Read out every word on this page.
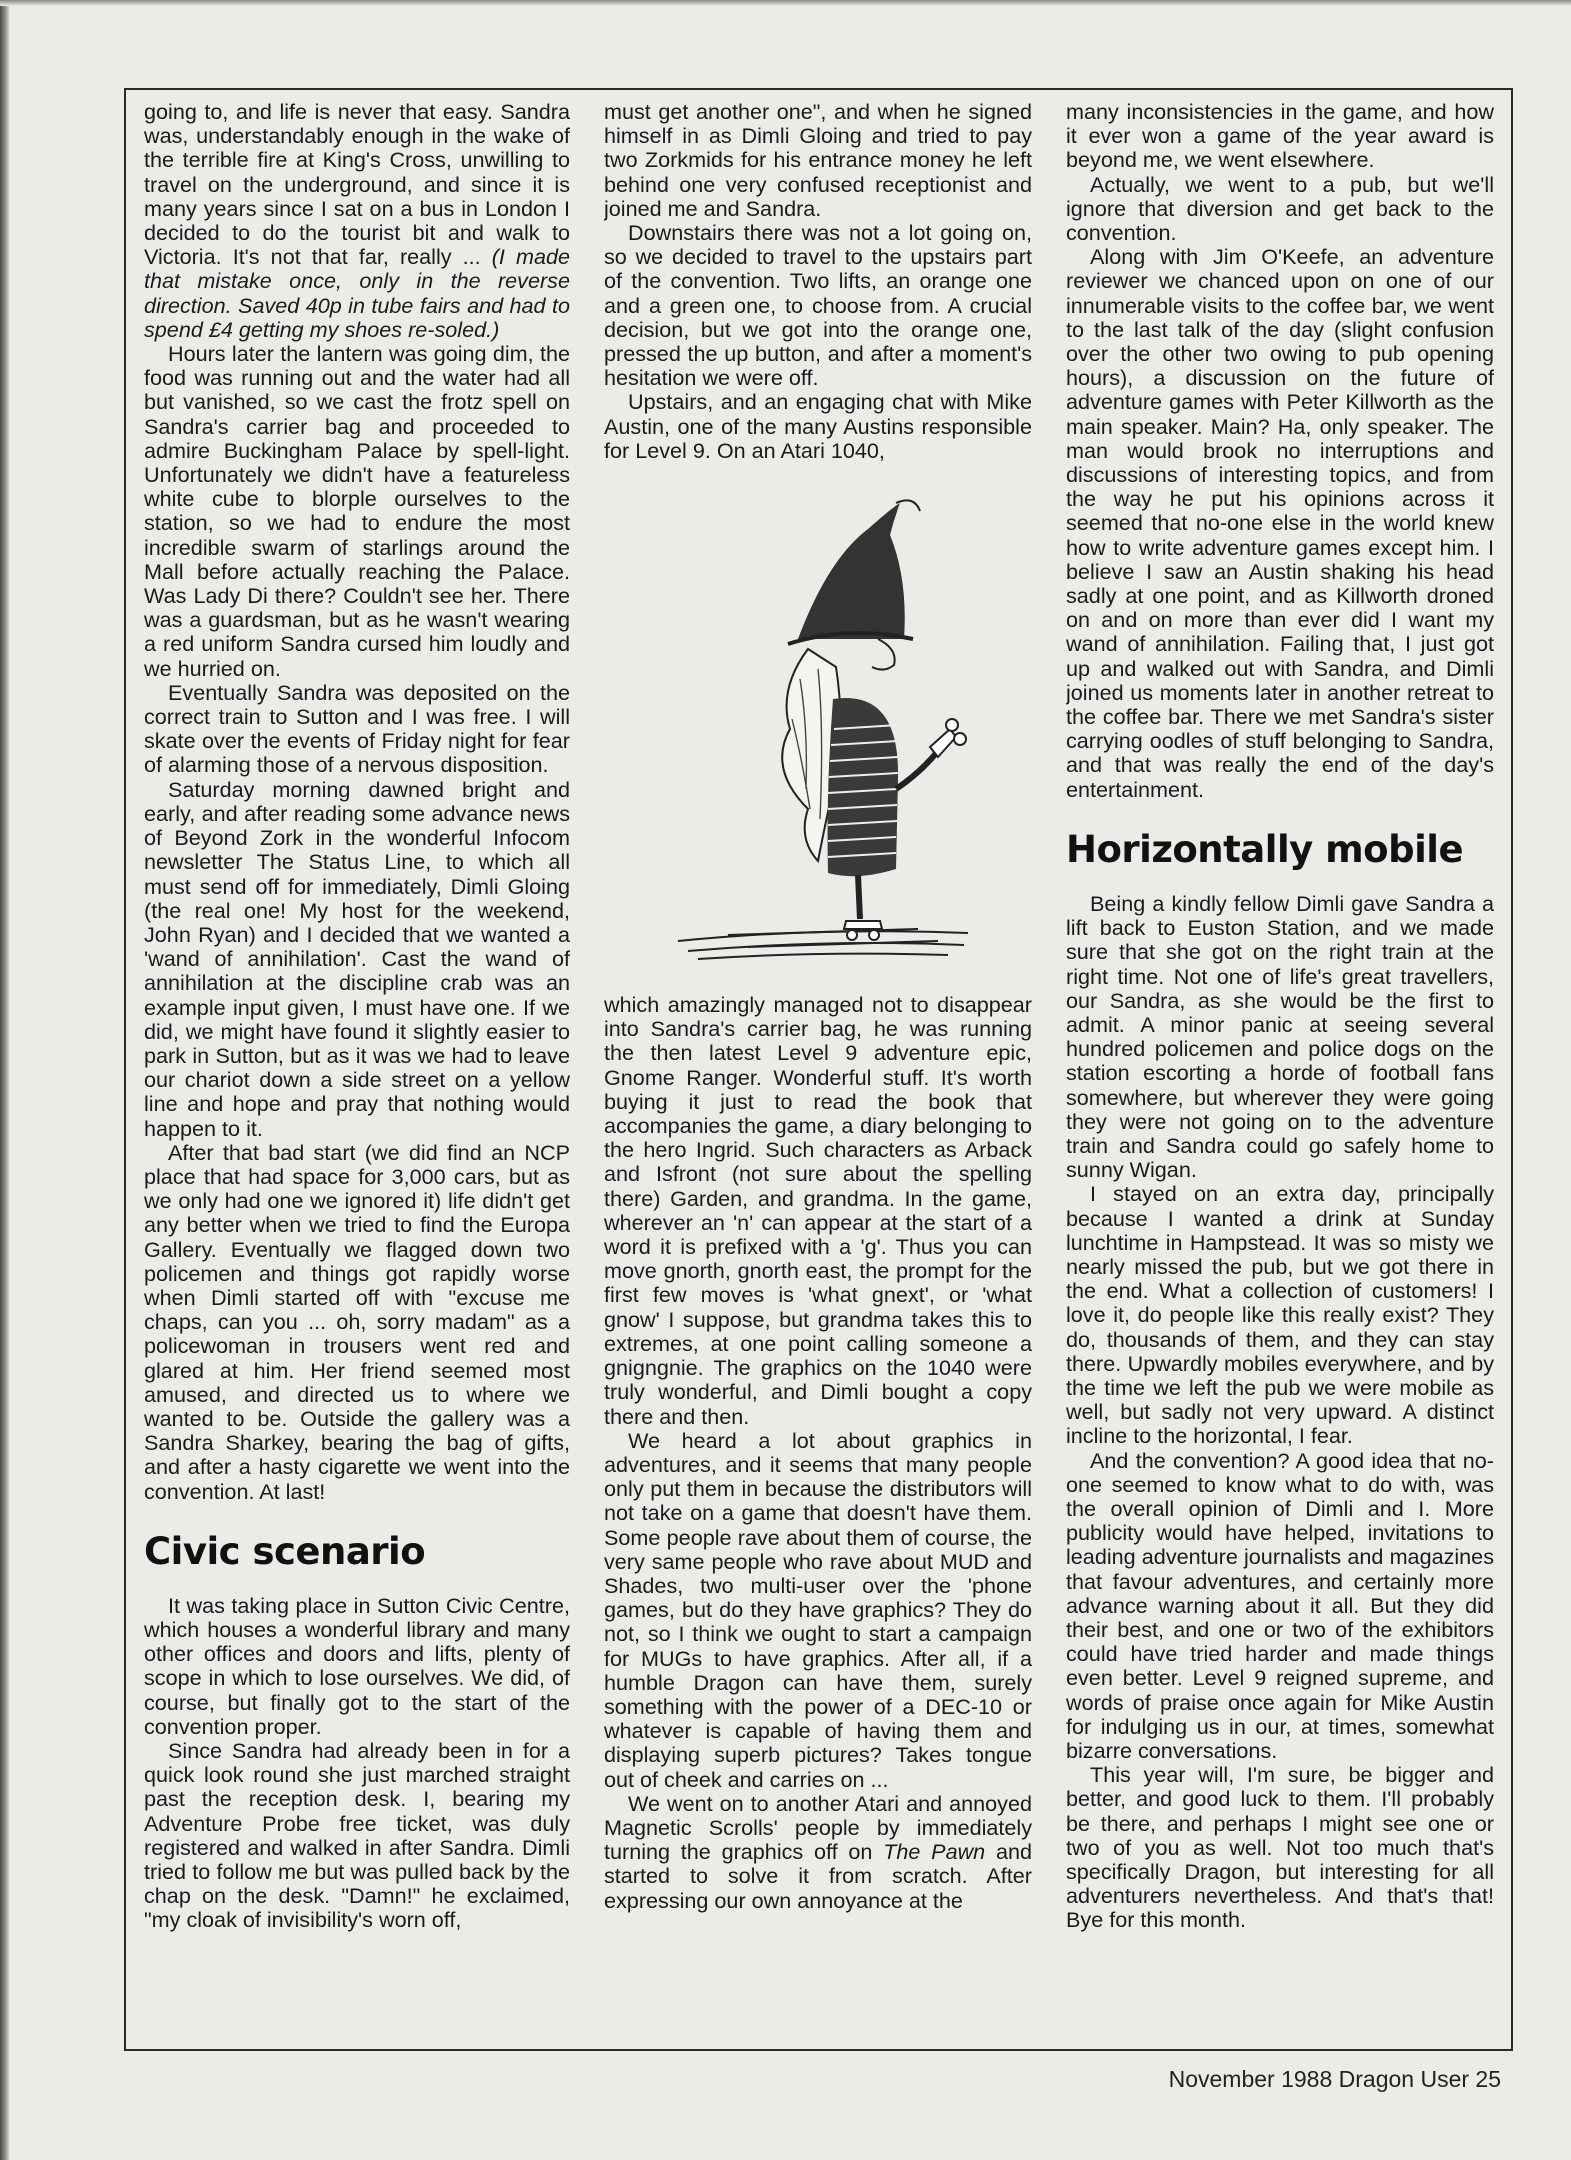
going to, and life is never that easy. Sandra was, understandably enough in the wake of the terrible fire at King's Cross, unwilling to travel on the underground, and since it is many years since I sat on a bus in London I decided to do the tourist bit and walk to Victoria. It's not that far, really ... (I made that mistake once, only in the reverse direction. Saved 40p in tube fairs and had to spend £4 getting my shoes re-soled.)

Hours later the lantern was going dim, the food was running out and the water had all but vanished, so we cast the frotz spell on Sandra's carrier bag and proceeded to admire Buckingham Palace by spell-light. Unfortunately we didn't have a featureless white cube to blorple ourselves to the station, so we had to endure the most incredible swarm of starlings around the Mall before actually reaching the Palace. Was Lady Di there? Couldn't see her. There was a guardsman, but as he wasn't wearing a red uniform Sandra cursed him loudly and we hurried on.

Eventually Sandra was deposited on the correct train to Sutton and I was free. I will skate over the events of Friday night for fear of alarming those of a nervous disposition.

Saturday morning dawned bright and early, and after reading some advance news of Beyond Zork in the wonderful Infocom newsletter The Status Line, to which all must send off for immediately, Dimli Gloing (the real one! My host for the weekend, John Ryan) and I decided that we wanted a 'wand of annihilation'. Cast the wand of annihilation at the discipline crab was an example input given, I must have one. If we did, we might have found it slightly easier to park in Sutton, but as it was we had to leave our chariot down a side street on a yellow line and hope and pray that nothing would happen to it.

After that bad start (we did find an NCP place that had space for 3,000 cars, but as we only had one we ignored it) life didn't get any better when we tried to find the Europa Gallery. Eventually we flagged down two policemen and things got rapidly worse when Dimli started off with "excuse me chaps, can you ... oh, sorry madam" as a policewoman in trousers went red and glared at him. Her friend seemed most amused, and directed us to where we wanted to be. Outside the gallery was a Sandra Sharkey, bearing the bag of gifts, and after a hasty cigarette we went into the convention. At last!

Civic scenario

It was taking place in Sutton Civic Centre, which houses a wonderful library and many other offices and doors and lifts, plenty of scope in which to lose ourselves. We did, of course, but finally got to the start of the convention proper.

Since Sandra had already been in for a quick look round she just marched straight past the reception desk. I, bearing my Adventure Probe free ticket, was duly registered and walked in after Sandra. Dimli tried to follow me but was pulled back by the chap on the desk. "Damn!" he exclaimed, "my cloak of invisibility's worn off,

must get another one", and when he signed himself in as Dimli Gloing and tried to pay two Zorkmids for his entrance money he left behind one very confused receptionist and joined me and Sandra.

Downstairs there was not a lot going on, so we decided to travel to the upstairs part of the convention. Two lifts, an orange one and a green one, to choose from. A crucial decision, but we got into the orange one, pressed the up button, and after a moment's hesitation we were off.

Upstairs, and an engaging chat with Mike Austin, one of the many Austins responsible for Level 9. On an Atari 1040,

which amazingly managed not to disappear into Sandra's carrier bag, he was running the then latest Level 9 adventure epic, Gnome Ranger. Wonderful stuff. It's worth buying it just to read the book that accompanies the game, a diary belonging to the hero Ingrid. Such characters as Arback and Isfront (not sure about the spelling there) Garden, and grandma. In the game, wherever an 'n' can appear at the start of a word it is prefixed with a 'g'. Thus you can move gnorth, gnorth east, the prompt for the first few moves is 'what gnext', or 'what gnow' I suppose, but grandma takes this to extremes, at one point calling someone a gnigngnie. The graphics on the 1040 were truly wonderful, and Dimli bought a copy there and then.

We heard a lot about graphics in adventures, and it seems that many people only put them in because the distributors will not take on a game that doesn't have them. Some people rave about them of course, the very same people who rave about MUD and Shades, two multi-user over the 'phone games, but do they have graphics? They do not, so I think we ought to start a campaign for MUGs to have graphics. After all, if a humble Dragon can have them, surely something with the power of a DEC-10 or whatever is capable of having them and displaying superb pictures? Takes tongue out of cheek and carries on ...

We went on to another Atari and annoyed Magnetic Scrolls' people by immediately turning the graphics off on The Pawn and started to solve it from scratch. After expressing our own annoyance at the

many inconsistencies in the game, and how it ever won a game of the year award is beyond me, we went elsewhere.

Actually, we went to a pub, but we'll ignore that diversion and get back to the convention.

Along with Jim O'Keefe, an adventure reviewer we chanced upon on one of our innumerable visits to the coffee bar, we went to the last talk of the day (slight confusion over the other two owing to pub opening hours), a discussion on the future of adventure games with Peter Killworth as the main speaker. Main? Ha, only speaker. The man would brook no interruptions and discussions of interesting topics, and from the way he put his opinions across it seemed that no-one else in the world knew how to write adventure games except him. I believe I saw an Austin shaking his head sadly at one point, and as Killworth droned on and on more than ever did I want my wand of annihilation. Failing that, I just got up and walked out with Sandra, and Dimli joined us moments later in another retreat to the coffee bar. There we met Sandra's sister carrying oodles of stuff belonging to Sandra, and that was really the end of the day's entertainment.

Horizontally mobile

Being a kindly fellow Dimli gave Sandra a lift back to Euston Station, and we made sure that she got on the right train at the right time. Not one of life's great travellers, our Sandra, as she would be the first to admit. A minor panic at seeing several hundred policemen and police dogs on the station escorting a horde of football fans somewhere, but wherever they were going they were not going on to the adventure train and Sandra could go safely home to sunny Wigan.

I stayed on an extra day, principally because I wanted a drink at Sunday lunchtime in Hampstead. It was so misty we nearly missed the pub, but we got there in the end. What a collection of customers! I love it, do people like this really exist? They do, thousands of them, and they can stay there. Upwardly mobiles everywhere, and by the time we left the pub we were mobile as well, but sadly not very upward. A distinct incline to the horizontal, I fear.

And the convention? A good idea that no-one seemed to know what to do with, was the overall opinion of Dimli and I. More publicity would have helped, invitations to leading adventure journalists and magazines that favour adventures, and certainly more advance warning about it all. But they did their best, and one or two of the exhibitors could have tried harder and made things even better. Level 9 reigned supreme, and words of praise once again for Mike Austin for indulging us in our, at times, somewhat bizarre conversations.

This year will, I'm sure, be bigger and better, and good luck to them. I'll probably be there, and perhaps I might see one or two of you as well. Not too much that's specifically Dragon, but interesting for all adventurers nevertheless. And that's that! Bye for this month.

November 1988 Dragon User 25
